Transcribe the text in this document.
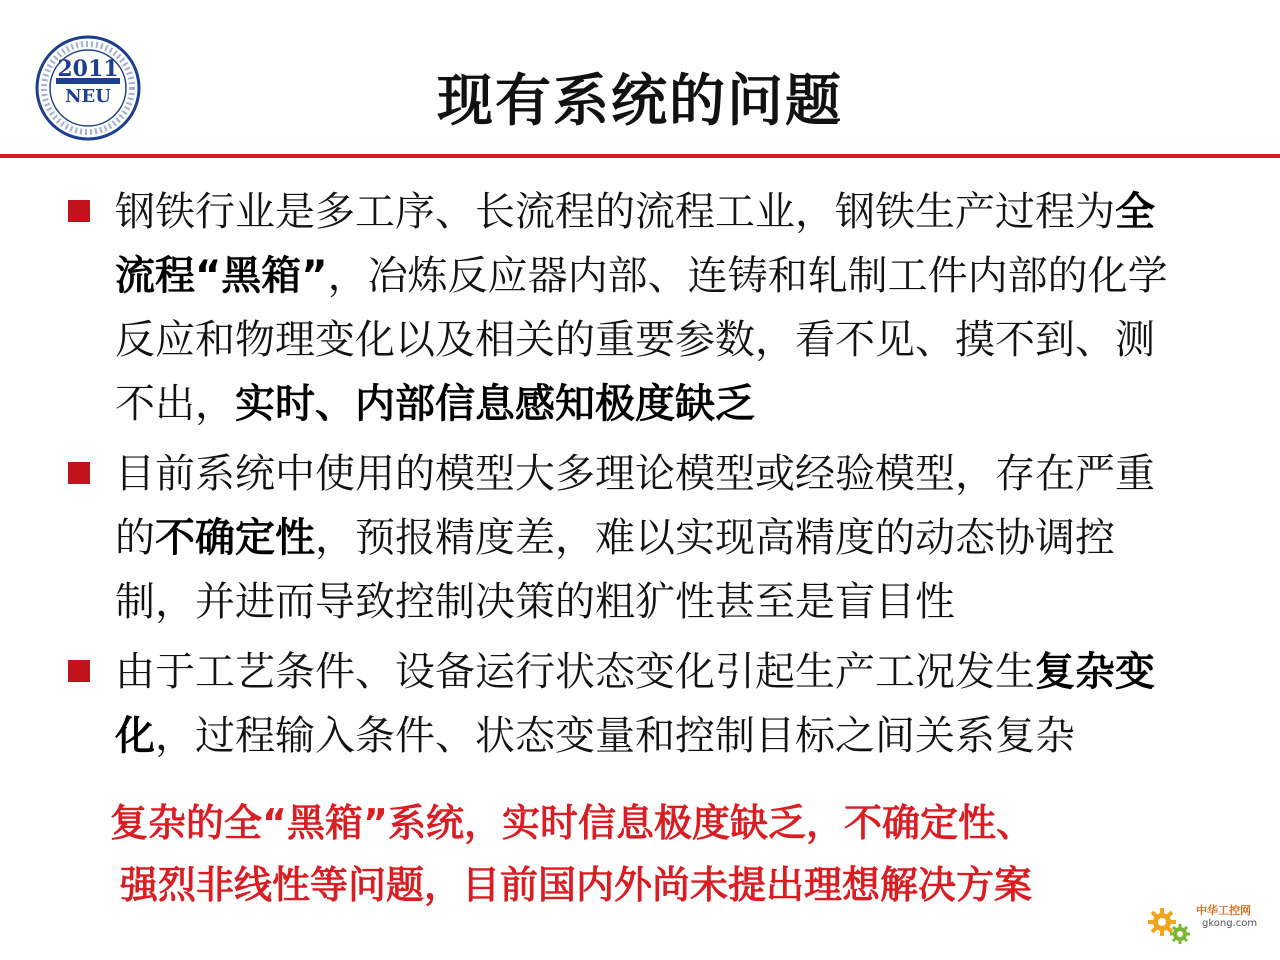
2011
NEU	现有系统的问题
钢铁行业是多工序、长流程的流程工业，钢铁生产过程为全流程“黑箱”，冶炼反应器内部、连铸和轧制工件内部的化学反应和物理变化以及相关的重要参数，看不见、摸不到、测不出，实时、内部信息感知极度缺乏
目前系统中使用的模型大多理论模型或经验模型，存在严重的不确定性，预报精度差，难以实现高精度的动态协调控制，并进而导致控制决策的粗犷性甚至是盲目性
由于工艺条件、设备运行状态变化引起生产工况发生复杂变化，过程输入条件、状态变量和控制目标之间关系复杂
复杂的全“黑箱”系统，实时信息极度缺乏，不确定性、
强烈非线性等问题，目前国内外尚未提出理想解决方案
中华工控网
gkong.com
